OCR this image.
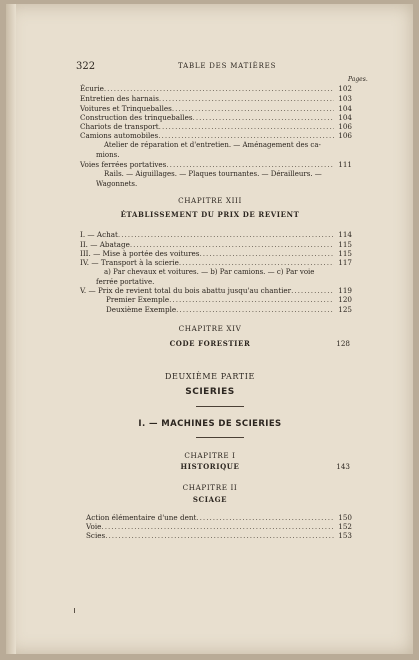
322	TABLE DES MATIÈRES
Pages.
Écurie .....	102
Entretien des harnais .....	103
Voitures et Trinqueballes .....	104
Construction des trinqueballes .....	104
Chariots de transport .....	106
Camions automobiles .....	106
Atelier de réparation et d'entretien. — Aménagement des ca-
mions.
Voies ferrées portatives .....	111
Rails. — Aiguillages. — Plaques tournantes. — Dérailleurs. —
Wagonnets.
CHAPITRE XIII
ÉTABLISSEMENT DU PRIX DE REVIENT
I. — Achat .....	114
II. — Abatage .....	115
III. — Mise à portée des voitures .....	115
IV. — Transport à la scierie .....	117
a) Par chevaux et voitures. — b) Par camions. — c) Par voie
ferrée portative.
V. — Prix de revient total du bois abattu jusqu'au chantier .....	119
Premier Exemple .....	120
Deuxième Exemple .....	125
CHAPITRE XIV
CODE FORESTIER	128
DEUXIÈME PARTIE
SCIERIES
I. — MACHINES DE SCIERIES
CHAPITRE I
HISTORIQUE	143
CHAPITRE II
SCIAGE
Action élémentaire d'une dent .....	150
Voie .....	152
Scies .....	153
